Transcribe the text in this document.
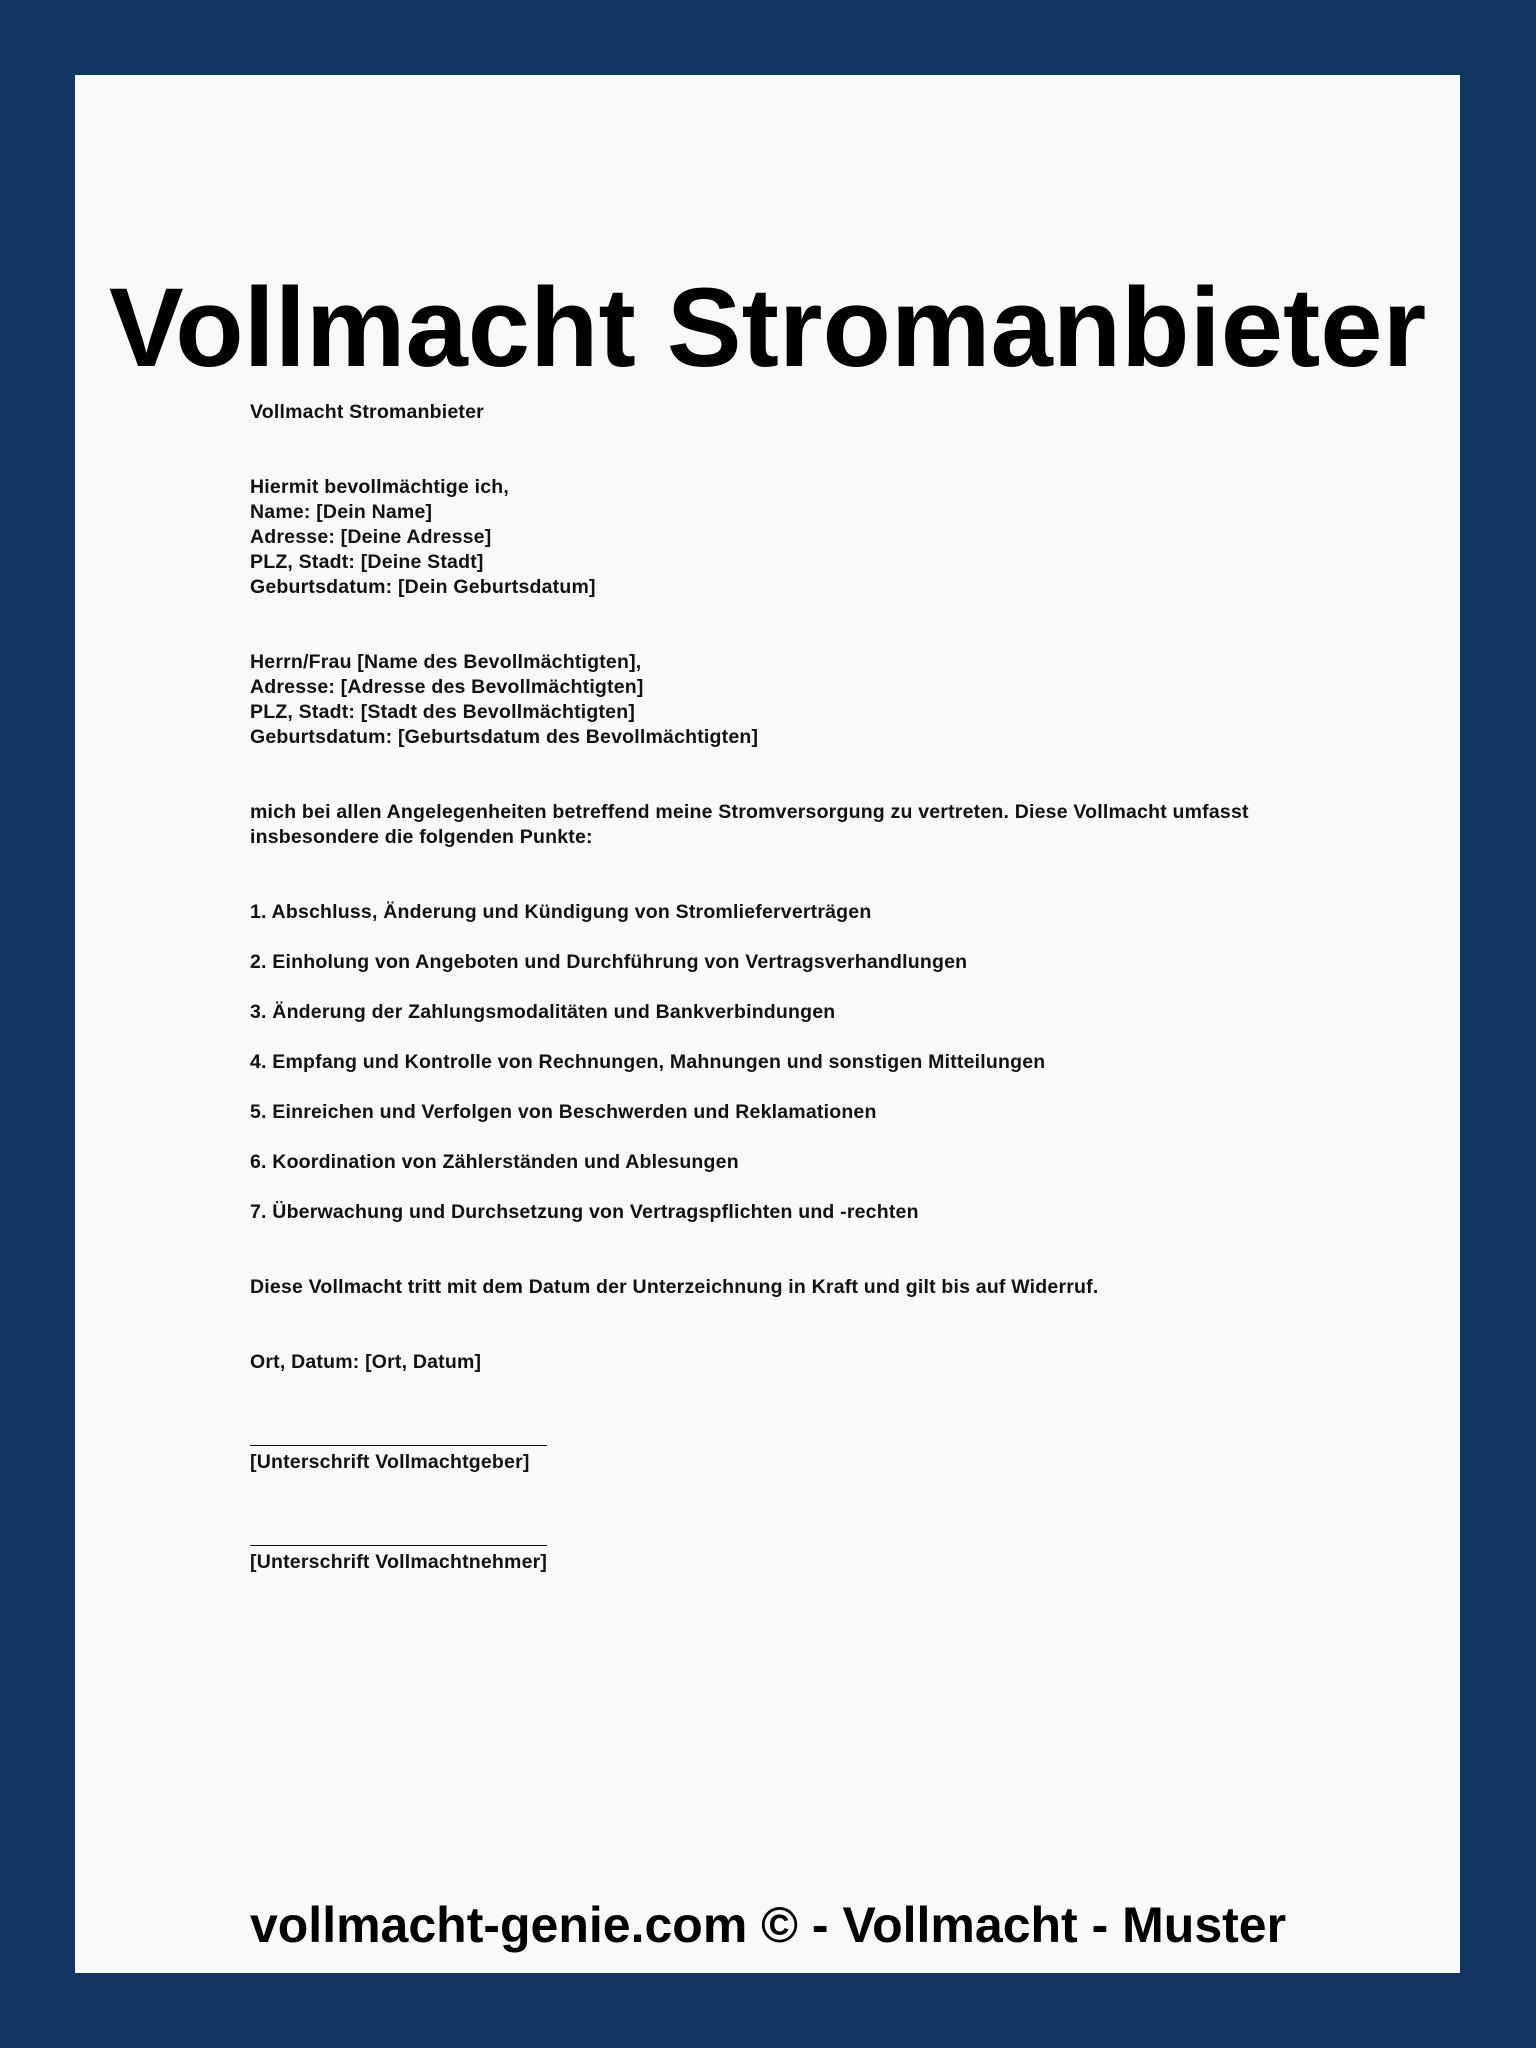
Vollmacht Stromanbieter
Vollmacht Stromanbieter
Hiermit bevollmächtige ich,
Name: [Dein Name]
Adresse: [Deine Adresse]
PLZ, Stadt: [Deine Stadt]
Geburtsdatum: [Dein Geburtsdatum]
Herrn/Frau [Name des Bevollmächtigten],
Adresse: [Adresse des Bevollmächtigten]
PLZ, Stadt: [Stadt des Bevollmächtigten]
Geburtsdatum: [Geburtsdatum des Bevollmächtigten]
mich bei allen Angelegenheiten betreffend meine Stromversorgung zu vertreten. Diese Vollmacht umfasst
insbesondere die folgenden Punkte:
1. Abschluss, Änderung und Kündigung von Stromlieferverträgen
2. Einholung von Angeboten und Durchführung von Vertragsverhandlungen
3. Änderung der Zahlungsmodalitäten und Bankverbindungen
4. Empfang und Kontrolle von Rechnungen, Mahnungen und sonstigen Mitteilungen
5. Einreichen und Verfolgen von Beschwerden und Reklamationen
6. Koordination von Zählerständen und Ablesungen
7. Überwachung und Durchsetzung von Vertragspflichten und -rechten
Diese Vollmacht tritt mit dem Datum der Unterzeichnung in Kraft und gilt bis auf Widerruf.
Ort, Datum: [Ort, Datum]
[Unterschrift Vollmachtgeber]
[Unterschrift Vollmachtnehmer]
vollmacht-genie.com © - Vollmacht - Muster
